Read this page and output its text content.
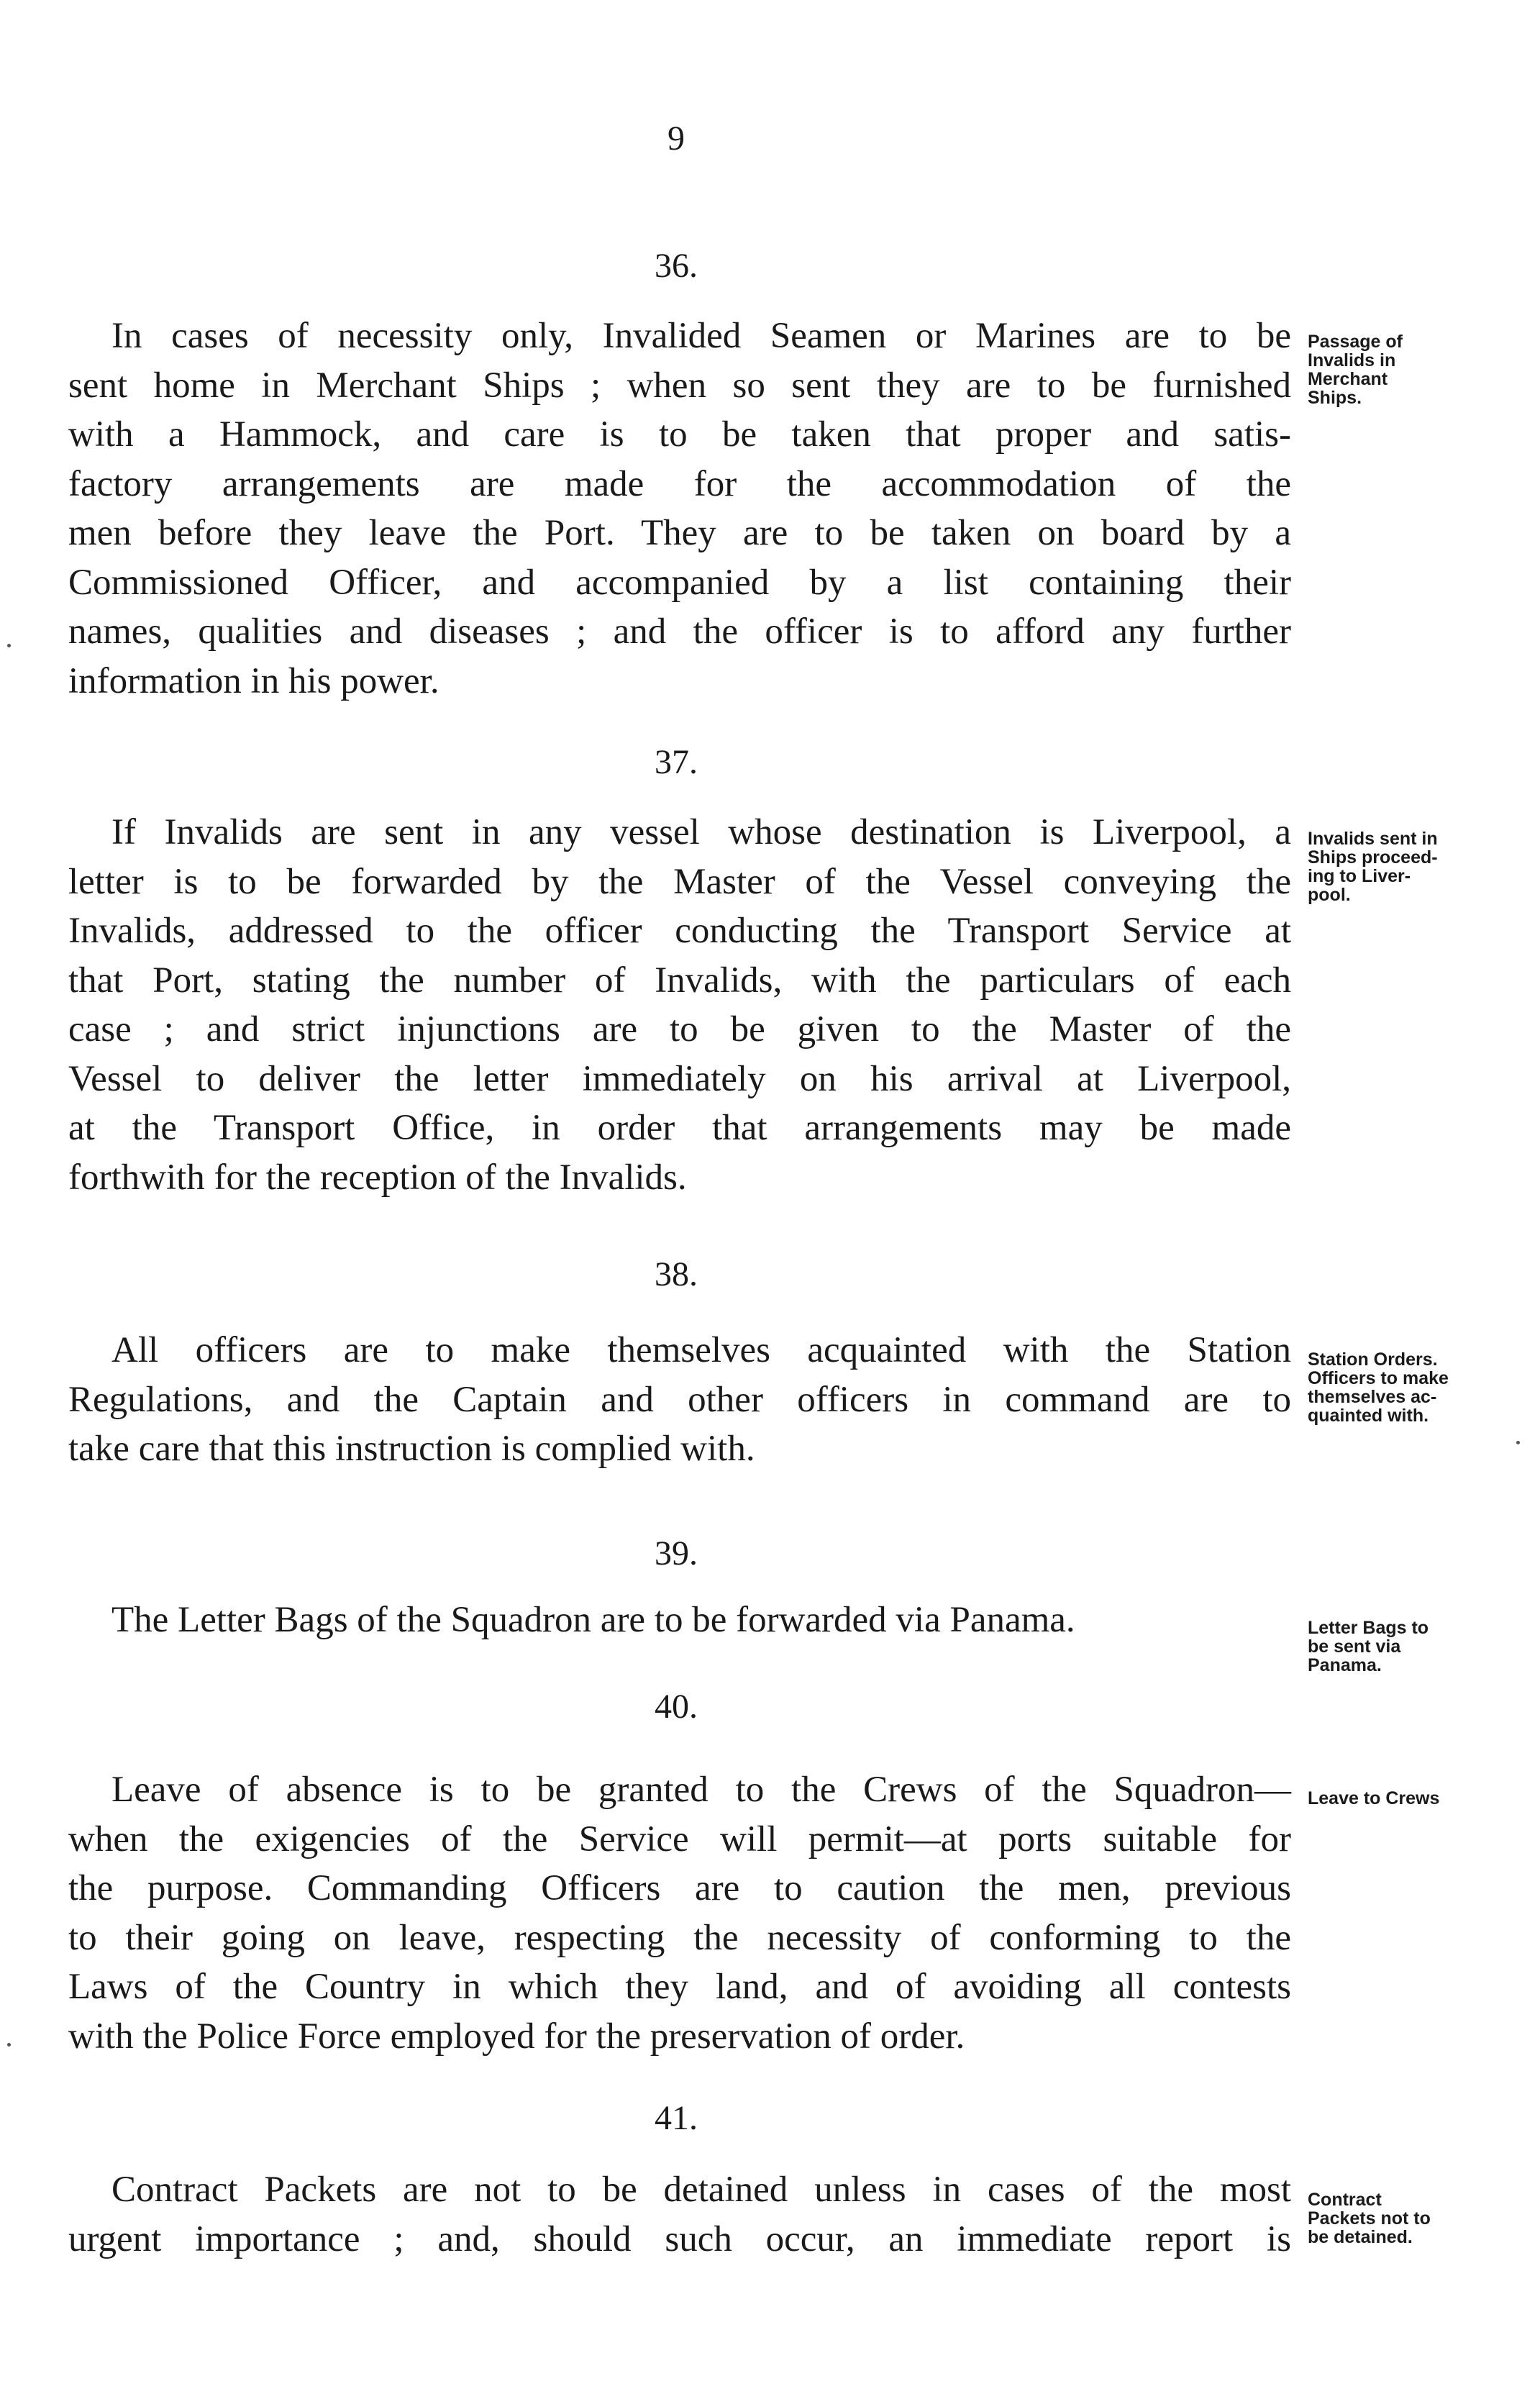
9
36.
In cases of necessity only, Invalided Seamen or Marines are to be
sent home in Merchant Ships ; when so sent they are to be furnished
with a Hammock, and care is to be taken that proper and satis-
factory arrangements are made for the accommodation of the
men before they leave the Port. They are to be taken on board by a
Commissioned Officer, and accompanied by a list containing their
names, qualities and diseases ; and the officer is to afford any further
information in his power.
Passage of
Invalids in
Merchant
Ships.
37.
If Invalids are sent in any vessel whose destination is Liverpool, a
letter is to be forwarded by the Master of the Vessel conveying the
Invalids, addressed to the officer conducting the Transport Service at
that Port, stating the number of Invalids, with the particulars of each
case ; and strict injunctions are to be given to the Master of the
Vessel to deliver the letter immediately on his arrival at Liverpool,
at the Transport Office, in order that arrangements may be made
forthwith for the reception of the Invalids.
Invalids sent in
Ships proceed-
ing to Liver-
pool.
38.
All officers are to make themselves acquainted with the Station
Regulations, and the Captain and other officers in command are to
take care that this instruction is complied with.
Station Orders.
Officers to make
themselves ac-
quainted with.
39.
The Letter Bags of the Squadron are to be forwarded via Panama.	Letter Bags to
be sent via
Panama.
40.
Leave of absence is to be granted to the Crews of the Squadron—
when the exigencies of the Service will permit—at ports suitable for
the purpose. Commanding Officers are to caution the men, previous
to their going on leave, respecting the necessity of conforming to the
Laws of the Country in which they land, and of avoiding all contests
with the Police Force employed for the preservation of order.
Leave to Crews
41.
Contract Packets are not to be detained unless in cases of the most
urgent importance ; and, should such occur, an immediate report is
Contract
Packets not to
be detained.
